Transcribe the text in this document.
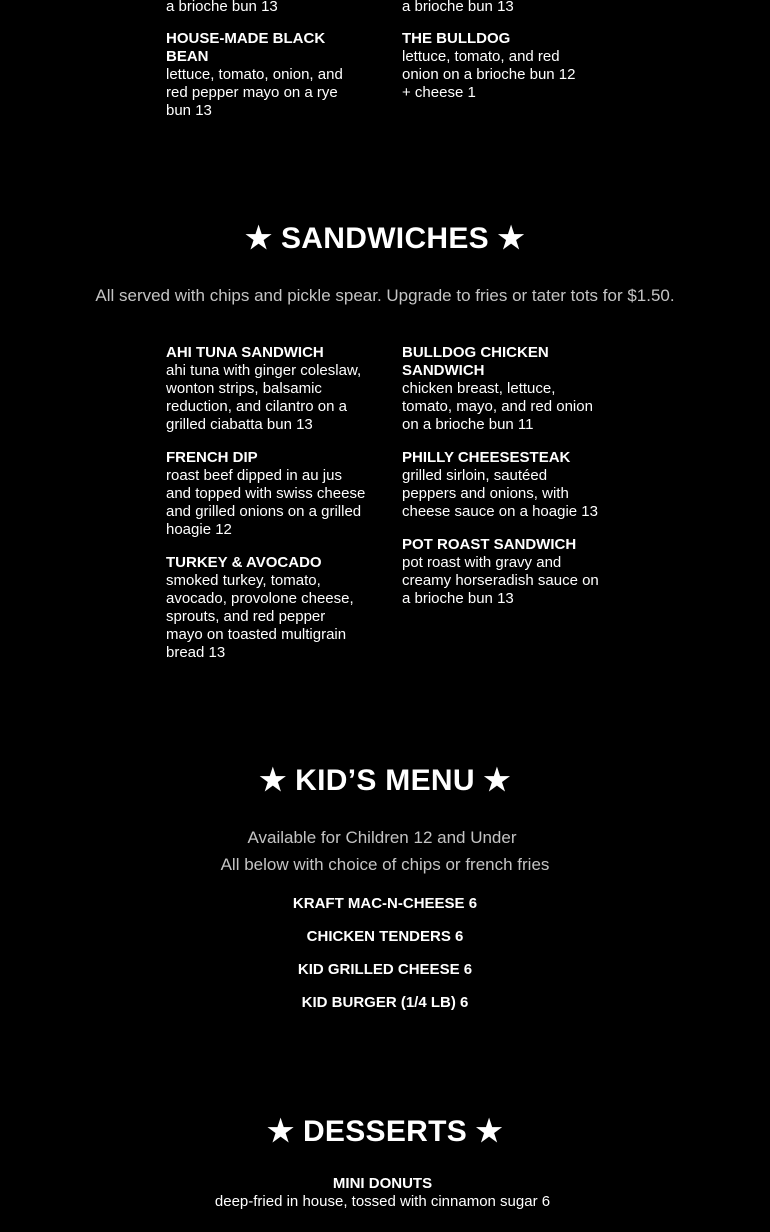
a brioche bun 13	a brioche bun 13
HOUSE-MADE BLACK BEAN
lettuce, tomato, onion, and red pepper mayo on a rye bun 13
THE BULLDOG
lettuce, tomato, and red onion on a brioche bun 12
+ cheese 1
★ SANDWICHES ★
All served with chips and pickle spear. Upgrade to fries or tater tots for $1.50.
AHI TUNA SANDWICH
ahi tuna with ginger coleslaw, wonton strips, balsamic reduction, and cilantro on a grilled ciabatta bun 13
BULLDOG CHICKEN SANDWICH
chicken breast, lettuce, tomato, mayo, and red onion on a brioche bun 11
FRENCH DIP
roast beef dipped in au jus and topped with swiss cheese and grilled onions on a grilled hoagie 12
PHILLY CHEESESTEAK
grilled sirloin, sautéed peppers and onions, with cheese sauce on a hoagie 13
TURKEY & AVOCADO
smoked turkey, tomato, avocado, provolone cheese, sprouts, and red pepper mayo on toasted multigrain bread 13
POT ROAST SANDWICH
pot roast with gravy and creamy horseradish sauce on a brioche bun 13
★ KID’S MENU ★
Available for Children 12 and Under
All below with choice of chips or french fries
KRAFT MAC-N-CHEESE 6
CHICKEN TENDERS 6
KID GRILLED CHEESE 6
KID BURGER (1/4 LB) 6
★ DESSERTS ★
MINI DONUTS
deep-fried in house, tossed with cinnamon sugar 6
